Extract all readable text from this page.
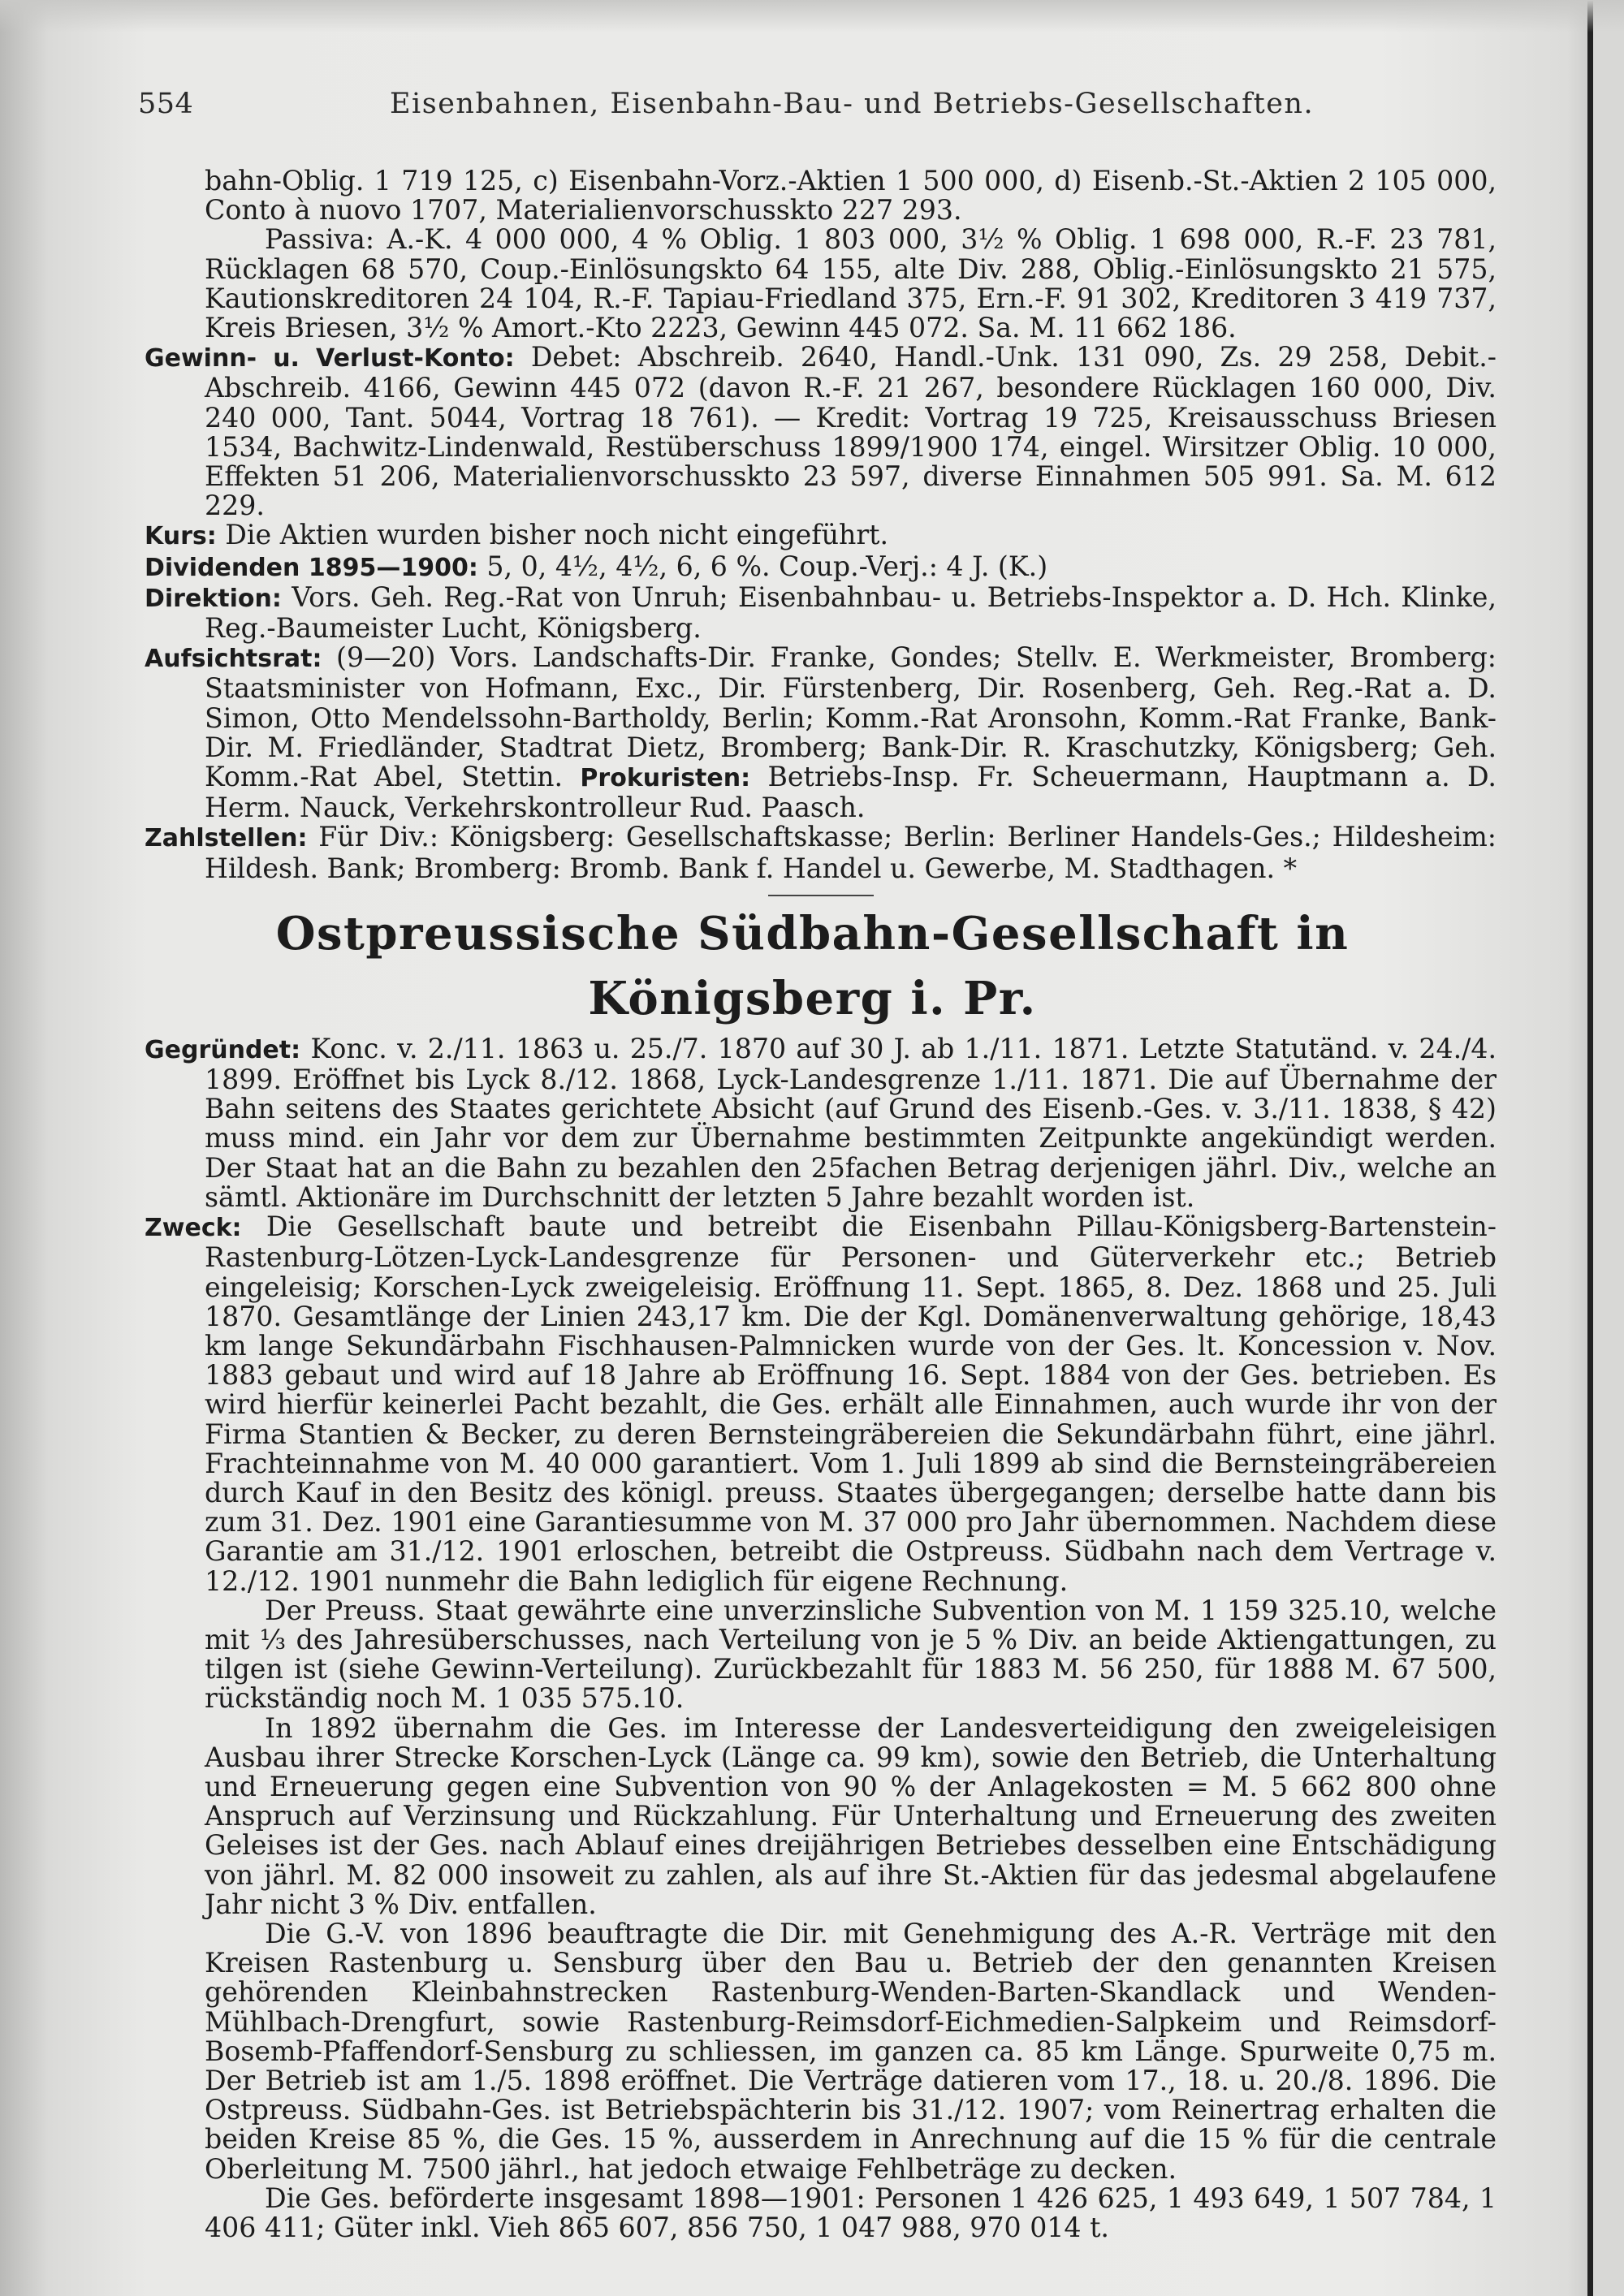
554	Eisenbahnen, Eisenbahn-Bau- und Betriebs-Gesellschaften.

bahn-Oblig. 1 719 125, c) Eisenbahn-Vorz.-Aktien 1 500 000, d) Eisenb.-St.-Aktien 2 105 000, Conto à nuovo 1707, Materialienvorschusskto 227 293.

Passiva: A.-K. 4 000 000, 4 % Oblig. 1 803 000, 3½ % Oblig. 1 698 000, R.-F. 23 781, Rücklagen 68 570, Coup.-Einlösungskto 64 155, alte Div. 288, Oblig.-Einlösungskto 21 575, Kautionskreditoren 24 104, R.-F. Tapiau-Friedland 375, Ern.-F. 91 302, Kreditoren 3 419 737, Kreis Briesen, 3½ % Amort.-Kto 2223, Gewinn 445 072. Sa. M. 11 662 186.

Gewinn- u. Verlust-Konto: Debet: Abschreib. 2640, Handl.-Unk. 131 090, Zs. 29 258, Debit.-Abschreib. 4166, Gewinn 445 072 (davon R.-F. 21 267, besondere Rücklagen 160 000, Div. 240 000, Tant. 5044, Vortrag 18 761). — Kredit: Vortrag 19 725, Kreisausschuss Briesen 1534, Bachwitz-Lindenwald, Restüberschuss 1899/1900 174, eingel. Wirsitzer Oblig. 10 000, Effekten 51 206, Materialienvorschusskto 23 597, diverse Einnahmen 505 991. Sa. M. 612 229.

Kurs: Die Aktien wurden bisher noch nicht eingeführt.

Dividenden 1895—1900: 5, 0, 4½, 4½, 6, 6 %. Coup.-Verj.: 4 J. (K.)

Direktion: Vors. Geh. Reg.-Rat von Unruh; Eisenbahnbau- u. Betriebs-Inspektor a. D. Hch. Klinke, Reg.-Baumeister Lucht, Königsberg.

Aufsichtsrat: (9—20) Vors. Landschafts-Dir. Franke, Gondes; Stellv. E. Werkmeister, Bromberg: Staatsminister von Hofmann, Exc., Dir. Fürstenberg, Dir. Rosenberg, Geh. Reg.-Rat a. D. Simon, Otto Mendelssohn-Bartholdy, Berlin; Komm.-Rat Aronsohn, Komm.-Rat Franke, Bank-Dir. M. Friedländer, Stadtrat Dietz, Bromberg; Bank-Dir. R. Kraschutzky, Königsberg; Geh. Komm.-Rat Abel, Stettin. Prokuristen: Betriebs-Insp. Fr. Scheuermann, Hauptmann a. D. Herm. Nauck, Verkehrskontrolleur Rud. Paasch.

Zahlstellen: Für Div.: Königsberg: Gesellschaftskasse; Berlin: Berliner Handels-Ges.; Hildesheim: Hildesh. Bank; Bromberg: Bromb. Bank f. Handel u. Gewerbe, M. Stadthagen. *

Ostpreussische Südbahn-Gesellschaft in Königsberg i. Pr.

Gegründet: Konc. v. 2./11. 1863 u. 25./7. 1870 auf 30 J. ab 1./11. 1871. Letzte Statutänd. v. 24./4. 1899. Eröffnet bis Lyck 8./12. 1868, Lyck-Landesgrenze 1./11. 1871. Die auf Übernahme der Bahn seitens des Staates gerichtete Absicht (auf Grund des Eisenb.-Ges. v. 3./11. 1838, § 42) muss mind. ein Jahr vor dem zur Übernahme bestimmten Zeitpunkte angekündigt werden. Der Staat hat an die Bahn zu bezahlen den 25fachen Betrag derjenigen jährl. Div., welche an sämtl. Aktionäre im Durchschnitt der letzten 5 Jahre bezahlt worden ist.

Zweck: Die Gesellschaft baute und betreibt die Eisenbahn Pillau-Königsberg-Bartenstein-Rastenburg-Lötzen-Lyck-Landesgrenze für Personen- und Güterverkehr etc.; Betrieb eingeleisig; Korschen-Lyck zweigeleisig. Eröffnung 11. Sept. 1865, 8. Dez. 1868 und 25. Juli 1870. Gesamtlänge der Linien 243,17 km. Die der Kgl. Domänenverwaltung gehörige, 18,43 km lange Sekundärbahn Fischhausen-Palmnicken wurde von der Ges. lt. Koncession v. Nov. 1883 gebaut und wird auf 18 Jahre ab Eröffnung 16. Sept. 1884 von der Ges. betrieben. Es wird hierfür keinerlei Pacht bezahlt, die Ges. erhält alle Einnahmen, auch wurde ihr von der Firma Stantien & Becker, zu deren Bernsteingräbereien die Sekundärbahn führt, eine jährl. Frachteinnahme von M. 40 000 garantiert. Vom 1. Juli 1899 ab sind die Bernsteingräbereien durch Kauf in den Besitz des königl. preuss. Staates übergegangen; derselbe hatte dann bis zum 31. Dez. 1901 eine Garantiesumme von M. 37 000 pro Jahr übernommen. Nachdem diese Garantie am 31./12. 1901 erloschen, betreibt die Ostpreuss. Südbahn nach dem Vertrage v. 12./12. 1901 nunmehr die Bahn lediglich für eigene Rechnung.

Der Preuss. Staat gewährte eine unverzinsliche Subvention von M. 1 159 325.10, welche mit ⅓ des Jahresüberschusses, nach Verteilung von je 5 % Div. an beide Aktiengattungen, zu tilgen ist (siehe Gewinn-Verteilung). Zurückbezahlt für 1883 M. 56 250, für 1888 M. 67 500, rückständig noch M. 1 035 575.10.

In 1892 übernahm die Ges. im Interesse der Landesverteidigung den zweigeleisigen Ausbau ihrer Strecke Korschen-Lyck (Länge ca. 99 km), sowie den Betrieb, die Unterhaltung und Erneuerung gegen eine Subvention von 90 % der Anlagekosten = M. 5 662 800 ohne Anspruch auf Verzinsung und Rückzahlung. Für Unterhaltung und Erneuerung des zweiten Geleises ist der Ges. nach Ablauf eines dreijährigen Betriebes desselben eine Entschädigung von jährl. M. 82 000 insoweit zu zahlen, als auf ihre St.-Aktien für das jedesmal abgelaufene Jahr nicht 3 % Div. entfallen.

Die G.-V. von 1896 beauftragte die Dir. mit Genehmigung des A.-R. Verträge mit den Kreisen Rastenburg u. Sensburg über den Bau u. Betrieb der den genannten Kreisen gehörenden Kleinbahnstrecken Rastenburg-Wenden-Barten-Skandlack und Wenden-Mühlbach-Drengfurt, sowie Rastenburg-Reimsdorf-Eichmedien-Salpkeim und Reimsdorf-Bosemb-Pfaffendorf-Sensburg zu schliessen, im ganzen ca. 85 km Länge. Spurweite 0,75 m. Der Betrieb ist am 1./5. 1898 eröffnet. Die Verträge datieren vom 17., 18. u. 20./8. 1896. Die Ostpreuss. Südbahn-Ges. ist Betriebspächterin bis 31./12. 1907; vom Reinertrag erhalten die beiden Kreise 85 %, die Ges. 15 %, ausserdem in Anrechnung auf die 15 % für die centrale Oberleitung M. 7500 jährl., hat jedoch etwaige Fehlbeträge zu decken.

Die Ges. beförderte insgesamt 1898—1901: Personen 1 426 625, 1 493 649, 1 507 784, 1 406 411; Güter inkl. Vieh 865 607, 856 750, 1 047 988, 970 014 t.
